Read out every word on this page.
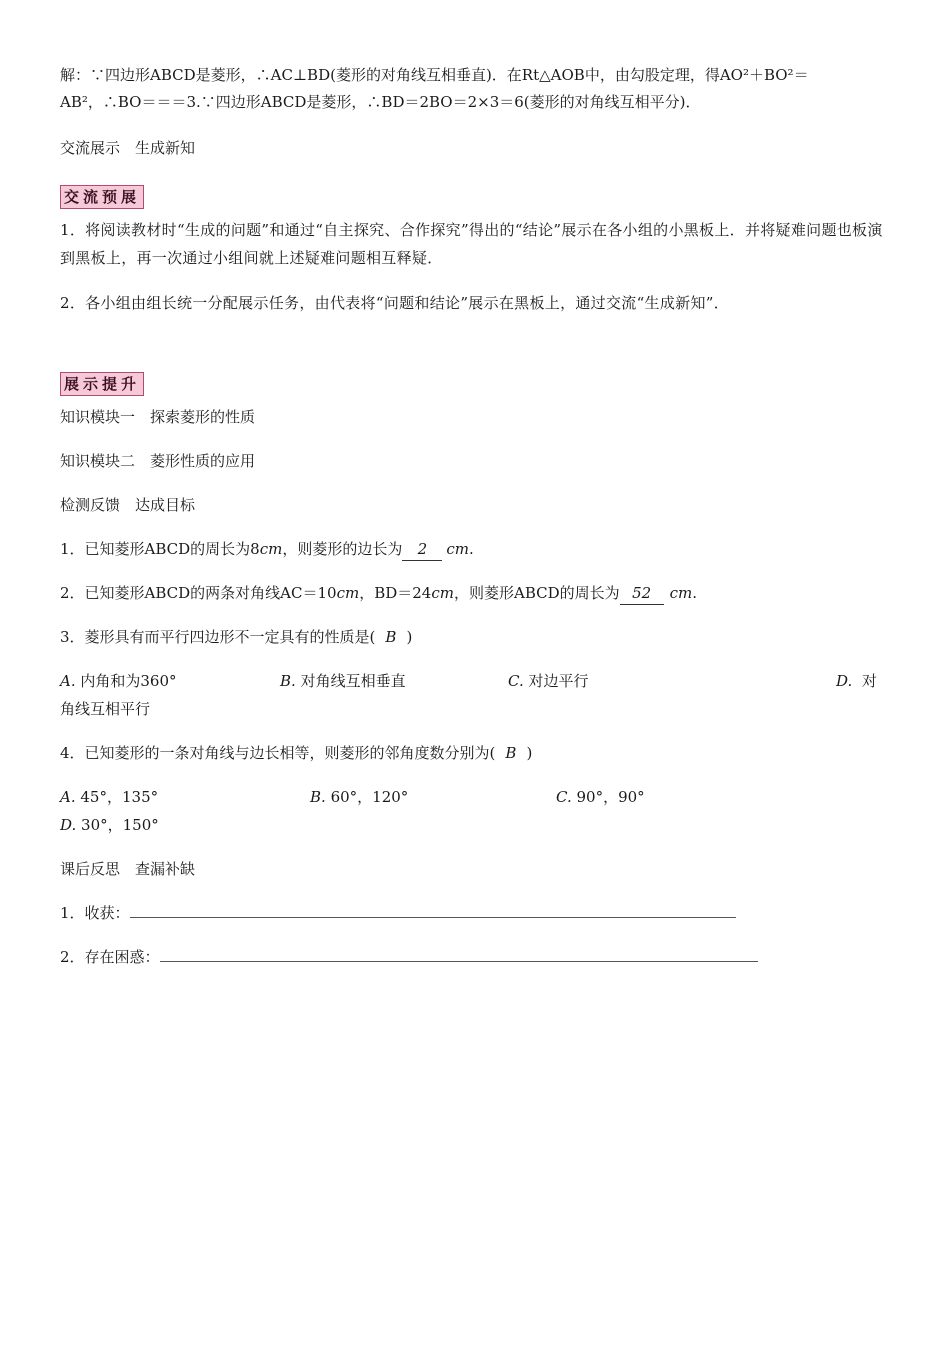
解：∵四边形ABCD是菱形，∴AC⊥BD(菱形的对角线互相垂直)．在Rt△AOB中，由勾股定理，得AO²＋BO²＝
AB²，∴BO＝＝＝3.∵四边形ABCD是菱形，∴BD＝2BO＝2×3＝6(菱形的对角线互相平分)．
交流展示　生成新知
交流预展
1．将阅读教材时“生成的问题”和通过“自主探究、合作探究”得出的“结论”展示在各小组的小黑板上．并将疑难问题也板演到黑板上，再一次通过小组间就上述疑难问题相互释疑．
2．各小组由组长统一分配展示任务，由代表将“问题和结论”展示在黑板上，通过交流“生成新知”．
展示提升
知识模块一　探索菱形的性质
知识模块二　菱形性质的应用
检测反馈　达成目标
1．已知菱形ABCD的周长为8cm，则菱形的边长为 2 cm.
2．已知菱形ABCD的两条对角线AC＝10cm，BD＝24cm，则菱形ABCD的周长为 52 cm.
3．菱形具有而平行四边形不一定具有的性质是( B )
A. 内角和为360°	B. 对角线互相垂直	C. 对边平行	D. 对
角线互相平行
4．已知菱形的一条对角线与边长相等，则菱形的邻角度数分别为( B )
A. 45°，135°	B. 60°，120°	C. 90°，90°
D. 30°，150°
课后反思　查漏补缺
1．收获：
2．存在困惑：
